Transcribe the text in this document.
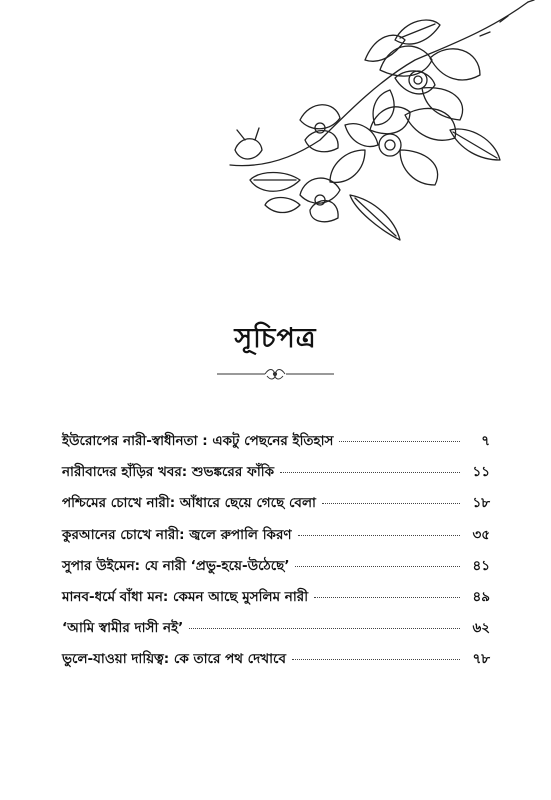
সূচিপত্র
ইউরোপের নারী-স্বাধীনতা : একটু পেছনের ইতিহাস	৭
নারীবাদের হাঁড়ির খবর: শুভঙ্করের ফাঁকি	১১
পশ্চিমের চোখে নারী: আঁধারে ছেয়ে গেছে বেলা	১৮
কুরআনের চোখে নারী: জ্বলে রুপালি কিরণ	৩৫
সুপার উইমেন: যে নারী ‘প্রভু-হয়ে-উঠেছে’	৪১
মানব-ধর্মে বাঁধা মন: কেমন আছে মুসলিম নারী	৪৯
‘আমি স্বামীর দাসী নই’	৬২
ভুলে-যাওয়া দায়িত্ব: কে তারে পথ দেখাবে	৭৮
